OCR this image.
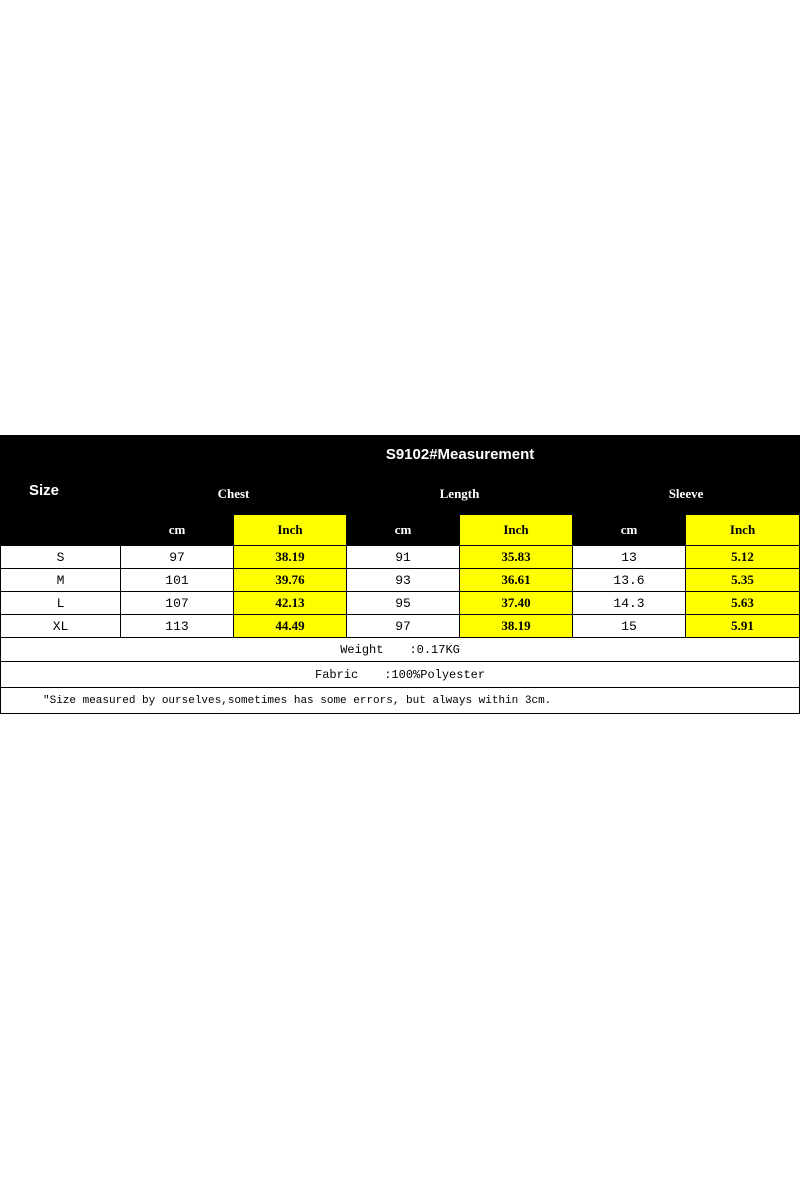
Size	S9102#Measurement					
	Chest		Length		Sleeve	
	cm	Inch	cm	Inch	cm	Inch
S	97	38.19	91	35.83	13	5.12
M	101	39.76	93	36.61	13.6	5.35
L	107	42.13	95	37.40	14.3	5.63
XL	113	44.49	97	38.19	15	5.91
Weight :0.17KG						
Fabric :100%Polyester						
"Size measured by ourselves,sometimes has some errors, but always within 3cm.						
